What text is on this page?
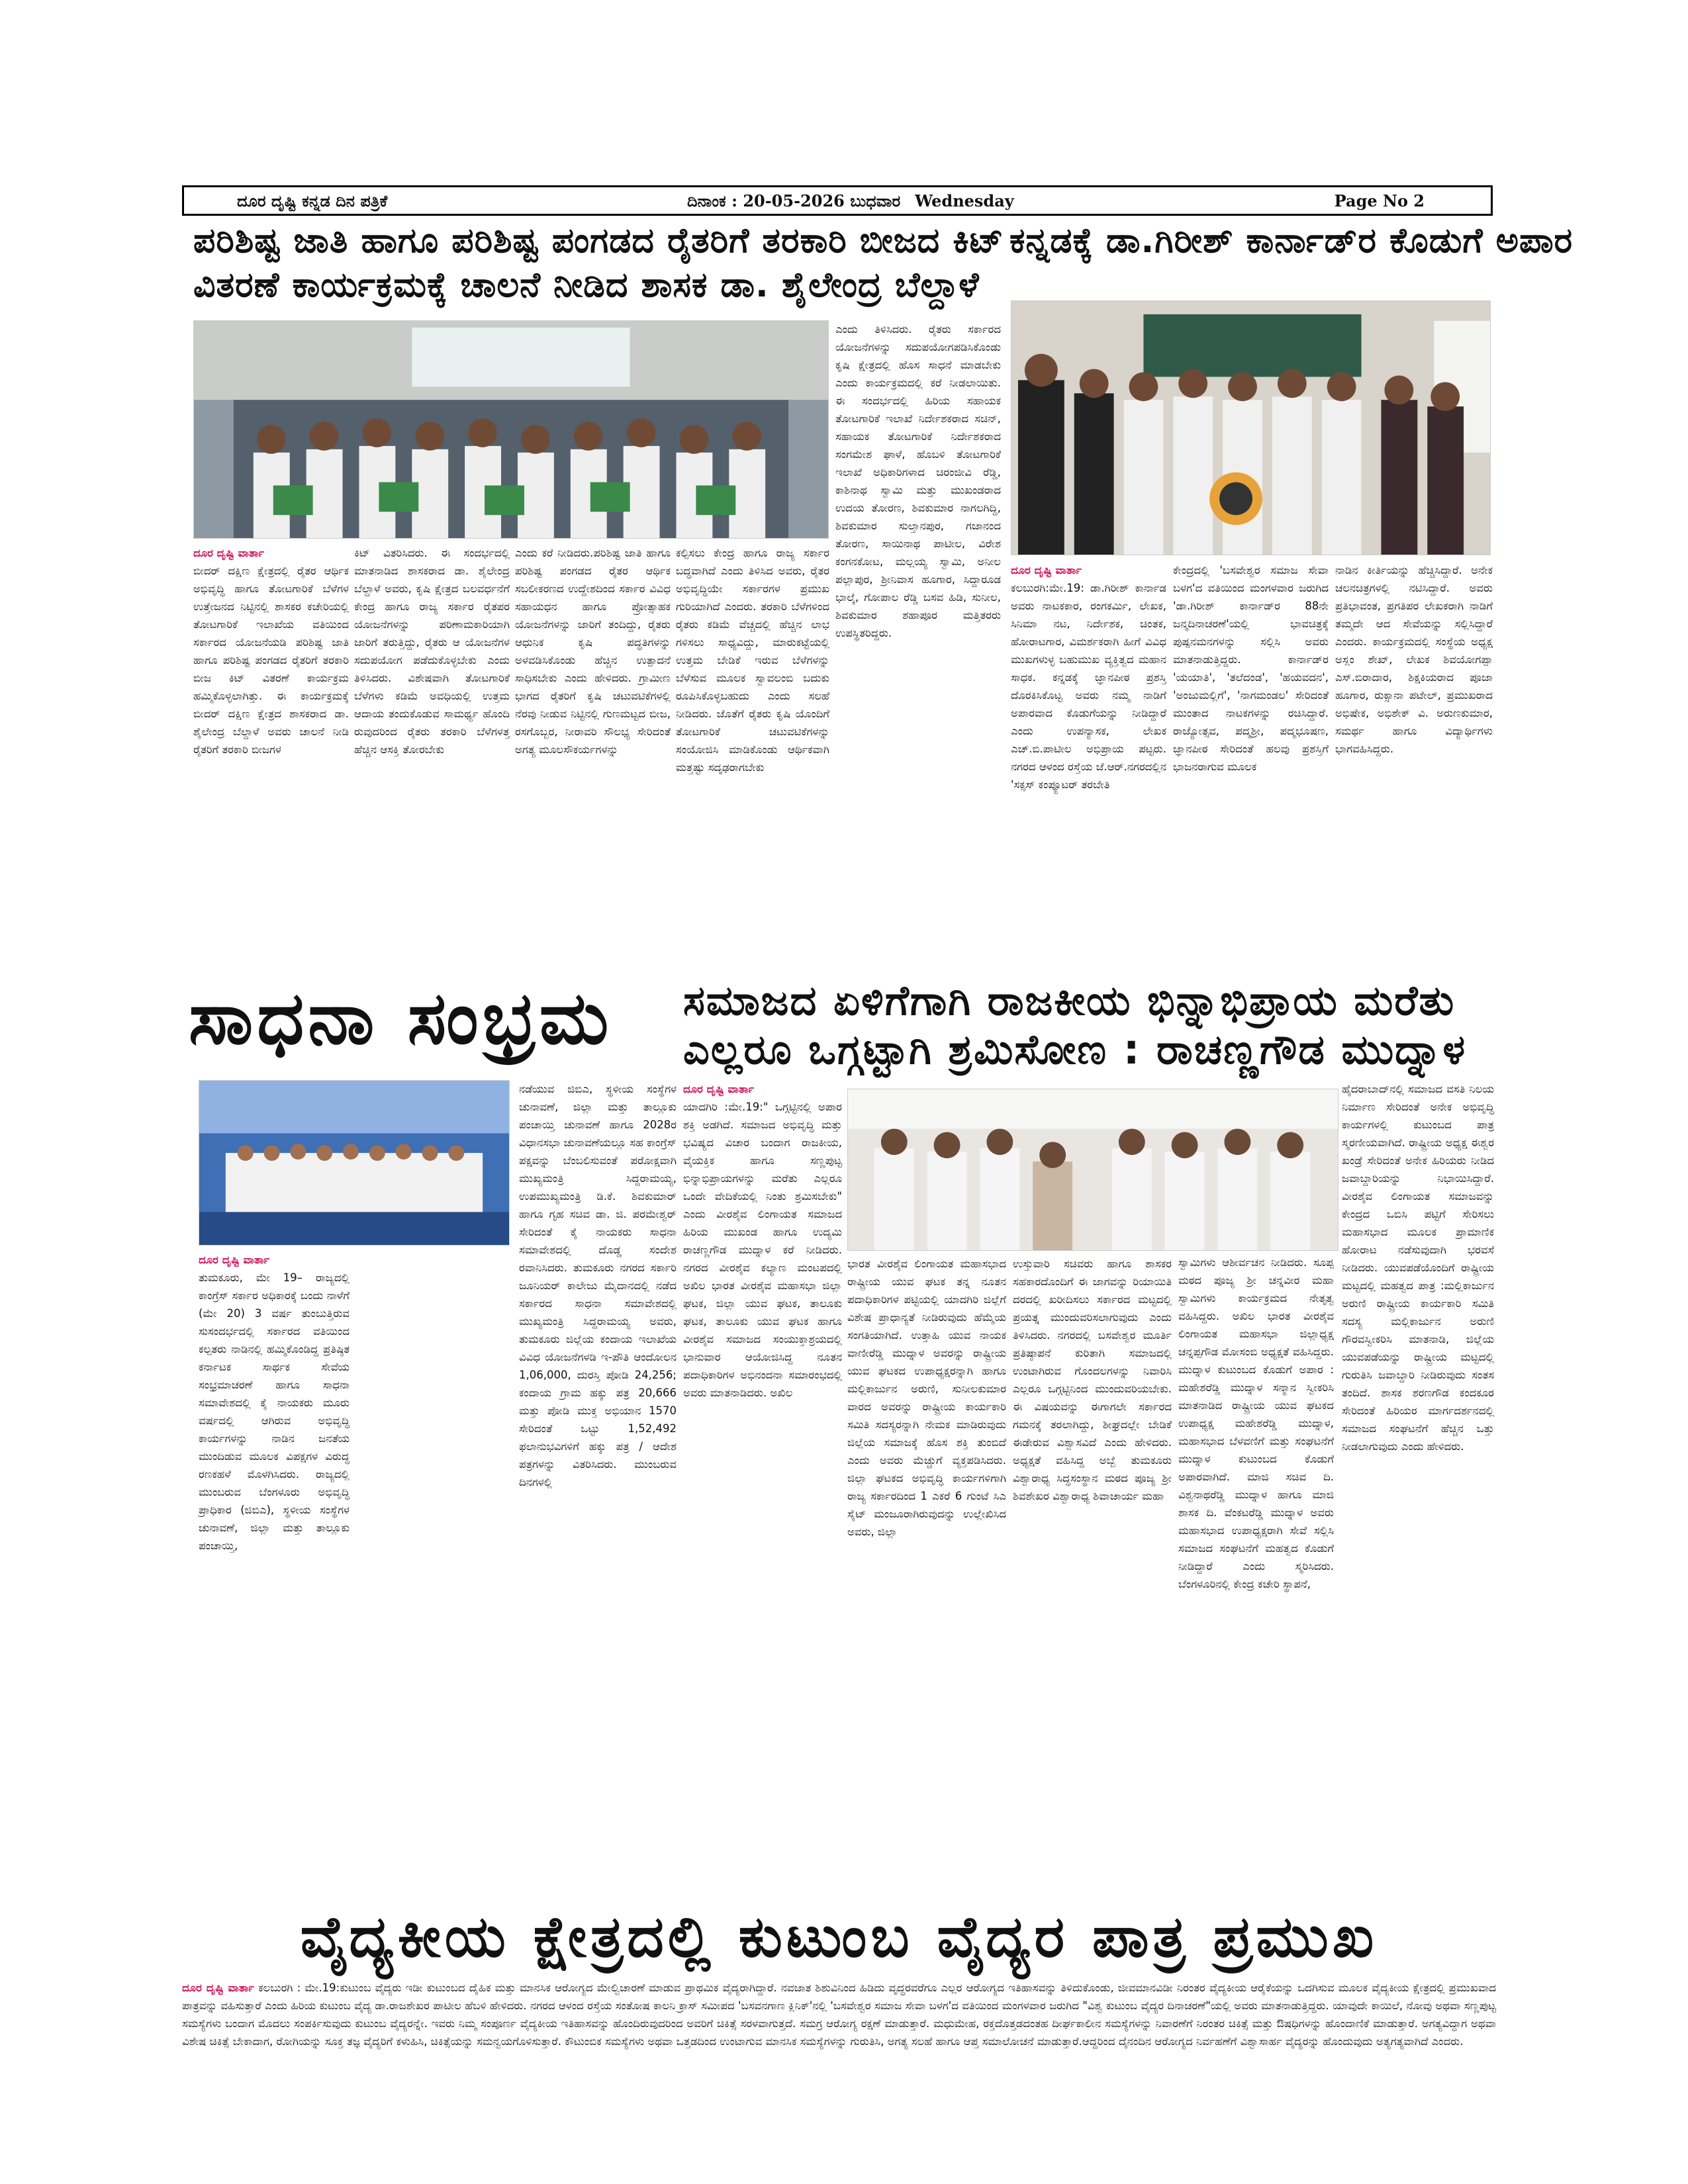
ದೂರ ದೃಷ್ಟಿ ಕನ್ನಡ ದಿನ ಪತ್ರಿಕೆ	ದಿನಾಂಕ : 20-05-2026 ಬುಧವಾರ Wednesday	Page No 2
ಪರಿಶಿಷ್ಟ ಜಾತಿ ಹಾಗೂ ಪರಿಶಿಷ್ಟ ಪಂಗಡದ ರೈತರಿಗೆ ತರಕಾರಿ ಬೀಜದ ಕಿಟ್
ವಿತರಣೆ ಕಾರ್ಯಕ್ರಮಕ್ಕೆ ಚಾಲನೆ ನೀಡಿದ ಶಾಸಕ ಡಾ. ಶೈಲೇಂದ್ರ ಬೆಲ್ದಾಳೆ
ದೂರ ದೃಷ್ಟಿ ವಾರ್ತಾ
ಬೀದರ್ ದಕ್ಷಿಣ ಕ್ಷೇತ್ರದಲ್ಲಿ ರೈತರ ಆರ್ಥಿಕ ಅಭಿವೃದ್ಧಿ ಹಾಗೂ ತೋಟಗಾರಿಕೆ ಬೆಳೆಗಳ ಉತ್ತೇಜನದ ನಿಟ್ಟಿನಲ್ಲಿ ಶಾಸಕರ ಕಚೇರಿಯಲ್ಲಿ ತೋಟಗಾರಿಕೆ ಇಲಾಖೆಯ ವತಿಯಿಂದ ಸರ್ಕಾರದ ಯೋಜನೆಯಡಿ ಪರಿಶಿಷ್ಟ ಜಾತಿ ಹಾಗೂ ಪರಿಶಿಷ್ಟ ಪಂಗಡದ ರೈತರಿಗೆ ತರಕಾರಿ ಬೀಜ ಕಿಟ್ ವಿತರಣೆ ಕಾರ್ಯಕ್ರಮ ಹಮ್ಮಿಕೊಳ್ಳಲಾಗಿತ್ತು. ಈ ಕಾರ್ಯಕ್ರಮಕ್ಕೆ ಬೀದರ್ ದಕ್ಷಿಣ ಕ್ಷೇತ್ರದ ಶಾಸಕರಾದ ಡಾ. ಶೈಲೇಂದ್ರ ಬೆಲ್ದಾಳೆ ಅವರು ಚಾಲನೆ ನೀಡಿ ರೈತರಿಗೆ ತರಕಾರಿ ಬೀಜಗಳ
ಕಿಟ್ ವಿತರಿಸಿದರು. ಈ ಸಂದರ್ಭದಲ್ಲಿ ಮಾತನಾಡಿದ ಶಾಸಕರಾದ ಡಾ. ಶೈಲೇಂದ್ರ ಬೆಲ್ದಾಳೆ ಅವರು, ಕೃಷಿ ಕ್ಷೇತ್ರದ ಬಲವರ್ಧನೆಗೆ ಕೇಂದ್ರ ಹಾಗೂ ರಾಜ್ಯ ಸರ್ಕಾರ ರೈತಪರ ಯೋಜನೆಗಳನ್ನು ಪರಿಣಾಮಕಾರಿಯಾಗಿ ಜಾರಿಗೆ ತರುತ್ತಿದ್ದು, ರೈತರು ಆ ಯೋಜನೆಗಳ ಸದುಪಯೋಗ ಪಡೆದುಕೊಳ್ಳಬೇಕು ಎಂದು ತಿಳಿಸಿದರು. ವಿಶೇಷವಾಗಿ ತೋಟಗಾರಿಕೆ ಬೆಳೆಗಳು ಕಡಿಮೆ ಅವಧಿಯಲ್ಲಿ ಉತ್ತಮ ಆದಾಯ ತಂದುಕೊಡುವ ಸಾಮರ್ಥ್ಯ ಹೊಂದಿ ರುವುದರಿಂದ ರೈತರು ತರಕಾರಿ ಬೆಳೆಗಳತ್ತ ಹೆಚ್ಚಿನ ಆಸಕ್ತಿ ತೋರಬೇಕು
ಎಂದು ಕರೆ ನೀಡಿದರು.ಪರಿಶಿಷ್ಟ ಜಾತಿ ಹಾಗೂ ಪರಿಶಿಷ್ಟ ಪಂಗಡದ ರೈತರ ಆರ್ಥಿಕ ಸಬಲೀಕರಣದ ಉದ್ದೇಶದಿಂದ ಸರ್ಕಾರ ವಿವಿಧ ಸಹಾಯಧನ ಹಾಗೂ ಪ್ರೋತ್ಸಾಹಕ ಯೋಜನೆಗಳನ್ನು ಜಾರಿಗೆ ತಂದಿದ್ದು, ರೈತರು ಆಧುನಿಕ ಕೃಷಿ ಪದ್ಧತಿಗಳನ್ನು ಅಳವಡಿಸಿಕೊಂಡು ಹೆಚ್ಚಿನ ಉತ್ಪಾದನೆ ಸಾಧಿಸಬೇಕು ಎಂದು ಹೇಳಿದರು. ಗ್ರಾಮೀಣ ಭಾಗದ ರೈತರಿಗೆ ಕೃಷಿ ಚಟುವಟಿಕೆಗಳಲ್ಲಿ ನೆರವು ನೀಡುವ ನಿಟ್ಟಿನಲ್ಲಿ ಗುಣಮಟ್ಟದ ಬೀಜ, ರಸಗೊಬ್ಬರ, ನೀರಾವರಿ ಸೌಲಭ್ಯ ಸೇರಿದಂತೆ ಅಗತ್ಯ ಮೂಲಸೌಕರ್ಯಗಳನ್ನು
ಕಲ್ಪಿಸಲು ಕೇಂದ್ರ ಹಾಗೂ ರಾಜ್ಯ ಸರ್ಕಾರ ಬದ್ಧವಾಗಿದೆ ಎಂದು ತಿಳಿಸಿದ ಅವರು, ರೈತರ ಅಭಿವೃದ್ಧಿಯೇ ಸರ್ಕಾರಗಳ ಪ್ರಮುಖ ಗುರಿಯಾಗಿದೆ ಎಂದರು. ತರಕಾರಿ ಬೆಳೆಗಳಿಂದ ರೈತರು ಕಡಿಮೆ ವೆಚ್ಚದಲ್ಲಿ ಹೆಚ್ಚಿನ ಲಾಭ ಗಳಿಸಲು ಸಾಧ್ಯವಿದ್ದು, ಮಾರುಕಟ್ಟೆಯಲ್ಲಿ ಉತ್ತಮ ಬೇಡಿಕೆ ಇರುವ ಬೆಳೆಗಳನ್ನು ಬೆಳೆಸುವ ಮೂಲಕ ಸ್ವಾವಲಂಬಿ ಬದುಕು ರೂಪಿಸಿಕೊಳ್ಳಬಹುದು ಎಂದು ಸಲಹೆ ನೀಡಿದರು. ಜೊತೆಗೆ ರೈತರು ಕೃಷಿ ಯೊಂದಿಗೆ ತೋಟಗಾರಿಕೆ ಚಟುವಟಿಕೆಗಳನ್ನು ಸಂಯೋಜಿಸಿ ಮಾಡಿಕೊಂಡು ಆರ್ಥಿಕವಾಗಿ ಮತ್ತಷ್ಟು ಸದೃಢರಾಗಬೇಕು
ಎಂದು ತಿಳಿಸಿದರು. ರೈತರು ಸರ್ಕಾರದ ಯೋಜನೆಗಳನ್ನು ಸದುಪಯೋಗಪಡಿಸಿಕೊಂಡು ಕೃಷಿ ಕ್ಷೇತ್ರದಲ್ಲಿ ಹೊಸ ಸಾಧನೆ ಮಾಡಬೇಕು ಎಂದು ಕಾರ್ಯಕ್ರಮದಲ್ಲಿ ಕರೆ ನೀಡಲಾಯಿತು. ಈ ಸಂದರ್ಭದಲ್ಲಿ ಹಿರಿಯ ಸಹಾಯಕ ತೋಟಗಾರಿಕೆ ಇಲಾಖೆ ನಿರ್ದೇಶಕರಾದ ಸಚಿನ್, ಸಹಾಯಕ ತೋಟಗಾರಿಕೆ ನಿರ್ದೇಶಕರಾದ ಸಂಗಮೇಶ ಘಾಳೆ, ಹೊಬಳಿ ತೋಟಗಾರಿಕೆ ಇಲಾಖೆ ಅಧಿಕಾರಿಗಳಾದ ಚಿರಂಜೀವಿ ರೆಡ್ಡಿ, ಕಾಶಿನಾಥ ಸ್ವಾಮಿ ಮತ್ತು ಮುಖಂಡರಾದ ಉದಯ ತೋರಣ, ಶಿವಕುಮಾರ ನಾಗಲಗಿದ್ದಿ, ಶಿವಕುಮಾರ ಸುಲ್ತಾನಪುರ, ಗಜಾನಂದ ತೋರಣ, ಸಾಯಿನಾಥ ಪಾಟೀಲ, ವಿರೇಶ ಕಂಗನಕೋಟ, ಮಲ್ಲಯ್ಯ ಸ್ವಾಮಿ, ಅನೀಲ ಪಲ್ಲಾಪುರ, ಶ್ರೀನಿವಾಸ ಹೂಗಾರ, ಸಿದ್ದಾರೂಡ ಭಾಲ್ಕೆ, ಗೋಪಾಲ ರೆಡ್ಡಿ ಬಸವ ಹಿಡಿ, ಸುನೀಲ, ಶಿವಕುಮಾರ ಶಹಾಪೂರ ಮತ್ತಿತರರು ಉಪಸ್ಥಿತರಿದ್ದರು.
ಕನ್ನಡಕ್ಕೆ ಡಾ.ಗಿರೀಶ್ ಕಾರ್ನಾಡ್‌ರ ಕೊಡುಗೆ ಅಪಾರ
ದೂರ ದೃಷ್ಟಿ ವಾರ್ತಾ
ಕಲಬುರಗಿ:ಮೇ.19: ಡಾ.ಗಿರೀಶ್ ಕಾರ್ನಾಡ ಅವರು ನಾಟಕಕಾರ, ರಂಗಕರ್ಮಿ, ಲೇಖಕ, ಸಿನಿಮಾ ನಟ, ನಿರ್ದೇಶಕ, ಚಿಂತಕ, ಹೋರಾಟಗಾರ, ವಿಮರ್ಶಕರಾಗಿ ಹೀಗೆ ವಿವಿಧ ಮುಖಗಳುಳ್ಳ ಬಹುಮುಖ ವ್ಯಕ್ತಿತ್ವದ ಮಹಾನ ಸಾಧಕ. ಕನ್ನಡಕ್ಕೆ ಜ್ಞಾನಪೀಠ ಪ್ರಶಸ್ತಿ ದೊರಕಿಸಿಕೊಟ್ಟ ಅವರು ನಮ್ಮ ನಾಡಿಗೆ ಅಪಾರವಾದ ಕೊಡುಗೆಯನ್ನು ನೀಡಿದ್ದಾರೆ ಎಂದು ಉಪನ್ಯಾಸಕ, ಲೇಖಕ ಎಚ್.ಬಿ.ಪಾಟೀಲ ಅಭಿಪ್ರಾಯ ಪಟ್ಟರು. ನಗರದ ಆಳಂದ ರಸ್ತೆಯ ಜೆ.ಆರ್.ನಗರದಲ್ಲಿನ 'ಸಕ್ಸಸ್ ಕಂಪ್ಯೂಟರ್ ತರಬೇತಿ
ಕೇಂದ್ರದಲ್ಲಿ 'ಬಸವೇಶ್ವರ ಸಮಾಜ ಸೇವಾ ಬಳಗ'ದ ವತಿಯಿಂದ ಮಂಗಳವಾರ ಜರುಗಿದ 'ಡಾ.ಗಿರೀಶ್ ಕಾರ್ನಾಡ್‌ರ 88ನೇ ಜನ್ಮದಿನಾಚರಣೆ'ಯಲ್ಲಿ ಭಾವಚಿತ್ರಕ್ಕೆ ಪುಷ್ಪನಮನಗಳನ್ನು ಸಲ್ಲಿಸಿ ಅವರು ಮಾತನಾಡುತ್ತಿದ್ದರು. ಕಾರ್ನಾಡ್‌ರ 'ಯಯಾತಿ', 'ತಲೆದಂಡ', 'ಹಯವದನ', 'ಅಂಜುಮಲ್ಲಿಗೆ', 'ನಾಗಮಂಡಲ' ಸೇರಿದಂತೆ ಮುಂತಾದ ನಾಟಕಗಳನ್ನು ರಚಿಸಿದ್ದಾರೆ. ರಾಜ್ಯೋತ್ಸವ, ಪದ್ಮಶ್ರೀ, ಪದ್ಮಭೂಷಣ, ಜ್ಞಾನಪೀಠ ಸೇರಿದಂತೆ ಹಲವು ಪ್ರಶಸ್ತಿಗೆ ಭಾಜನರಾಗುವ ಮೂಲಕ
ನಾಡಿನ ಕೀರ್ತಿಯನ್ನು ಹೆಚ್ಚಿಸಿದ್ದಾರೆ. ಅನೇಕ ಚಲನಚಿತ್ರಗಳಲ್ಲಿ ನಟಿಸಿದ್ದಾರೆ. ಅವರು ಪ್ರತಿಭಾವಂತ, ಪ್ರಗತಿಪರ ಲೇಖಕರಾಗಿ ನಾಡಿಗೆ ತಮ್ಮದೇ ಆದ ಸೇವೆಯನ್ನು ಸಲ್ಲಿಸಿದ್ದಾರೆ ಎಂದರು. ಕಾರ್ಯಕ್ರಮದಲ್ಲಿ ಸಂಸ್ಥೆಯ ಅಧ್ಯಕ್ಷ ಅಸ್ಲಂ ಶೇಖ್, ಲೇಖಕ ಶಿವಯೋಗಪ್ಪಾ ಎಸ್.ಬಿರಾದಾರ, ಶಿಕ್ಷಕಿಯರಾದ ಪೂಜಾ ಹೂಗಾರ, ರುಕ್ಸಾನಾ ಪಟೇಲ್, ಪ್ರಮುಖರಾದ ಅಭಿಷೇಕ, ಅಭಿಶೇಕ್ ವಿ. ಅರುಣಕುಮಾರ, ಸಮರ್ಥ ಹಾಗೂ ವಿದ್ಯಾರ್ಥಿಗಳು ಭಾಗವಹಿಸಿದ್ದರು.
ಸಾಧನಾ ಸಂಭ್ರಮ
ದೂರ ದೃಷ್ಟಿ ವಾರ್ತಾ
ತುಮಕೂರು, ಮೇ 19– ರಾಜ್ಯದಲ್ಲಿ ಕಾಂಗ್ರೆಸ್ ಸರ್ಕಾರ ಅಧಿಕಾರಕ್ಕೆ ಬಂದು ನಾಳೆಗೆ (ಮೇ 20) 3 ವರ್ಷ ತುಂಬುತ್ತಿರುವ ಸುಸಂದರ್ಭದಲ್ಲಿ ಸರ್ಕಾರದ ವತಿಯಿಂದ ಕಲ್ಪತರು ನಾಡಿನಲ್ಲಿ ಹಮ್ಮಿಕೊಂಡಿದ್ದ ಪ್ರತಿಷ್ಠಿತ ಕರ್ನಾಟಕ ಸಾರ್ಥಕ ಸೇವೆಯ ಸಂಭ್ರಮಾಚರಣೆ ಹಾಗೂ ಸಾಧನಾ ಸಮಾವೇಶದಲ್ಲಿ ಕೈ ನಾಯಕರು ಮೂರು ವರ್ಷದಲ್ಲಿ ಆಗಿರುವ ಅಭಿವೃದ್ಧಿ ಕಾರ್ಯಗಳನ್ನು ನಾಡಿನ ಜನತೆಯ ಮುಂದಿಡುವ ಮೂಲಕ ವಿಪಕ್ಷಗಳ ವಿರುದ್ಧ ರಣಕಹಳೆ ಮೊಳಗಿಸಿದರು. ರಾಜ್ಯದಲ್ಲಿ ಮುಂಬರುವ ಬೆಂಗಳೂರು ಅಭಿವೃದ್ಧಿ ಪ್ರಾಧಿಕಾರ (ಜಿಬಿಎ), ಸ್ಥಳೀಯ ಸಂಸ್ಥೆಗಳ ಚುನಾವಣೆ, ಜಿಲ್ಲಾ ಮತ್ತು ತಾಲ್ಲೂಕು ಪಂಚಾಯ್ತಿ,
ನಡೆಯುವ ಜಿಬಿಎ, ಸ್ಥಳೀಯ ಸಂಸ್ಥೆಗಳ ಚುನಾವಣೆ, ಜಿಲ್ಲಾ ಮತ್ತು ತಾಲ್ಲೂಕು ಪಂಚಾಯ್ತಿ ಚುನಾವಣೆ ಹಾಗೂ 2028ರ ವಿಧಾನಸಭಾ ಚುನಾವಣೆಯಲ್ಲೂ ಸಹ ಕಾಂಗ್ರೆಸ್ ಪಕ್ಷವನ್ನು ಬೆಂಬಲಿಸುವಂತೆ ಪರೋಕ್ಷವಾಗಿ ಮುಖ್ಯಮಂತ್ರಿ ಸಿದ್ದರಾಮಯ್ಯ, ಉಪಮುಖ್ಯಮಂತ್ರಿ ಡಿ.ಕೆ. ಶಿವಕುಮಾರ್ ಹಾಗೂ ಗೃಹ ಸಚಿವ ಡಾ. ಜಿ. ಪರಮೇಶ್ವರ್ ಸೇರಿದಂತೆ ಕೈ ನಾಯಕರು ಸಾಧನಾ ಸಮಾವೇಶದಲ್ಲಿ ದೊಡ್ಡ ಸಂದೇಶ ರವಾನಿಸಿದರು. ತುಮಕೂರು ನಗರದ ಸರ್ಕಾರಿ ಜೂನಿಯರ್ ಕಾಲೇಜು ಮೈದಾನದಲ್ಲಿ ನಡೆದ ಸರ್ಕಾರದ ಸಾಧನಾ ಸಮಾವೇಶದಲ್ಲಿ ಮುಖ್ಯಮಂತ್ರಿ ಸಿದ್ದರಾಮಯ್ಯ ಅವರು, ತುಮಕೂರು ಜಿಲ್ಲೆಯ ಕಂದಾಯ ಇಲಾಖೆಯ ವಿವಿಧ ಯೋಜನೆಗಳಡಿ ಇ-ಪೌತಿ ಆಂದೋಲನ 1,06,000, ದುರಸ್ತಿ ಪೋಡಿ 24,256; ಕಂದಾಯ ಗ್ರಾಮ ಹಕ್ಕು ಪತ್ರ 20,666 ಮತ್ತು ಪೋಡಿ ಮುಕ್ತ ಅಭಿಯಾನ 1570 ಸೇರಿದಂತೆ ಒಟ್ಟು 1,52,492 ಫಲಾನುಭವಿಗಳಿಗೆ ಹಕ್ಕು ಪತ್ರ / ಆದೇಶ ಪತ್ರಗಳನ್ನು ವಿತರಿಸಿದರು. ಮುಂಬರುವ ದಿನಗಳಲ್ಲಿ
ಸಮಾಜದ ಏಳಿಗೆಗಾಗಿ ರಾಜಕೀಯ ಭಿನ್ನಾಭಿಪ್ರಾಯ ಮರೆತು
ಎಲ್ಲರೂ ಒಗ್ಗಟ್ಟಾಗಿ ಶ್ರಮಿಸೋಣ : ರಾಚಣ್ಣಗೌಡ ಮುದ್ನಾಳ
ದೂರ ದೃಷ್ಟಿ ವಾರ್ತಾ
ಯಾದಗಿರಿ :ಮೇ.19:" ಒಗ್ಗಟ್ಟಿನಲ್ಲಿ ಅಪಾರ ಶಕ್ತಿ ಅಡಗಿದೆ. ಸಮಾಜದ ಅಭಿವೃದ್ಧಿ ಮತ್ತು ಭವಿಷ್ಯದ ವಿಚಾರ ಬಂದಾಗ ರಾಜಕೀಯ, ವೈಯಕ್ತಿಕ ಹಾಗೂ ಸಣ್ಣಪುಟ್ಟ ಭಿನ್ನಾಭಿಪ್ರಾಯಗಳನ್ನು ಮರೆತು ಎಲ್ಲರೂ ಒಂದೇ ವೇದಿಕೆಯಲ್ಲಿ ನಿಂತು ಶ್ರಮಿಸಬೇಕು" ಎಂದು ವೀರಶೈವ ಲಿಂಗಾಯತ ಸಮಾಜದ ಹಿರಿಯ ಮುಖಂಡ ಹಾಗೂ ಉದ್ಯಮಿ ರಾಚಣ್ಣಗೌಡ ಮುದ್ನಾಳ ಕರೆ ನೀಡಿದರು. ನಗರದ ವೀರಶೈವ ಕಲ್ಯಾಣ ಮಂಟಪದಲ್ಲಿ ಅಖಿಲ ಭಾರತ ವೀರಶೈವ ಮಹಾಸಭಾ ಜಿಲ್ಲಾ ಘಟಕ, ಜಿಲ್ಲಾ ಯುವ ಘಟಕ, ತಾಲೂಕು ಘಟಕ, ತಾಲೂಕು ಯುವ ಘಟಕ ಹಾಗೂ ವೀರಶೈವ ಸಮಾಜದ ಸಂಯುಕ್ತಾಶ್ರಯದಲ್ಲಿ ಭಾನುವಾರ ಆಯೋಜಿಸಿದ್ದ ನೂತನ ಪದಾಧಿಕಾರಿಗಳ ಅಭಿನಂದನಾ ಸಮಾರಂಭದಲ್ಲಿ ಅವರು ಮಾತನಾಡಿದರು. ಅಖಿಲ
ಭಾರತ ವೀರಶೈವ ಲಿಂಗಾಯತ ಮಹಾಸಭಾದ ರಾಷ್ಟ್ರೀಯ ಯುವ ಘಟಕ ತನ್ನ ನೂತನ ಪದಾಧಿಕಾರಿಗಳ ಪಟ್ಟಿಯಲ್ಲಿ ಯಾದಗಿರಿ ಜಿಲ್ಲೆಗೆ ವಿಶೇಷ ಪ್ರಾಧಾನ್ಯತೆ ನೀಡಿರುವುದು ಹೆಮ್ಮೆಯ ಸಂಗತಿಯಾಗಿದೆ. ಉತ್ತಾಹಿ ಯುವ ನಾಯಕ ವಾಣೀರೆಡ್ಡಿ ಮುದ್ನಾಳ ಅವರನ್ನು ರಾಷ್ಟ್ರೀಯ ಯುವ ಘಟಕದ ಉಪಾಧ್ಯಕ್ಷರನ್ನಾಗಿ ಹಾಗೂ ಮಲ್ಲಿಕಾರ್ಜುನ ಅರುಣಿ, ಸುನೀಲಕುಮಾರ ವಾರದ ಅವರನ್ನು ರಾಷ್ಟ್ರೀಯ ಕಾರ್ಯಕಾರಿ ಸಮಿತಿ ಸದಸ್ಯರನ್ನಾಗಿ ನೇಮಕ ಮಾಡಿರುವುದು ಜಿಲ್ಲೆಯ ಸಮಾಜಕ್ಕೆ ಹೊಸ ಶಕ್ತಿ ತುಂಬಿದೆ ಎಂದು ಅವರು ಮೆಚ್ಚುಗೆ ವ್ಯಕ್ತಪಡಿಸಿದರು. ಜಿಲ್ಲಾ ಘಟಕದ ಅಭಿವೃದ್ಧಿ ಕಾರ್ಯಗಳಿಗಾಗಿ ರಾಜ್ಯ ಸರ್ಕಾರದಿಂದ 1 ಎಕರೆ 6 ಗುಂಟೆ ಸಿಎ ಸೈಟ್ ಮಂಜೂರಾಗಿರುವುದನ್ನು ಉಲ್ಲೇಖಿಸಿದ ಅವರು, ಜಿಲ್ಲಾ
ಉಸ್ತುವಾರಿ ಸಚಿವರು ಹಾಗೂ ಶಾಸಕರ ಸಹಕಾರದೊಂದಿಗೆ ಈ ಜಾಗವನ್ನು ರಿಯಾಯಿತಿ ದರದಲ್ಲಿ ಖರೀದಿಸಲು ಸರ್ಕಾರದ ಮಟ್ಟದಲ್ಲಿ ಪ್ರಯತ್ನ ಮುಂದುವರಿಸಲಾಗುವುದು ಎಂದು ತಿಳಿಸಿದರು. ನಗರದಲ್ಲಿ ಬಸವೇಶ್ವರ ಮೂರ್ತಿ ಪ್ರತಿಷ್ಠಾಪನೆ ಕುರಿತಾಗಿ ಸಮಾಜದಲ್ಲಿ ಉಂಟಾಗಿರುವ ಗೊಂದಲಗಳನ್ನು ನಿವಾರಿಸಿ ಎಲ್ಲರೂ ಒಗ್ಗಟ್ಟಿನಿಂದ ಮುಂದುವರಿಯಬೇಕು. ಈ ವಿಷಯವನ್ನು ಈಗಾಗಲೇ ಸರ್ಕಾರದ ಗಮನಕ್ಕೆ ತರಲಾಗಿದ್ದು, ಶೀಘ್ರದಲ್ಲೇ ಬೇಡಿಕೆ ಈಡೇರುವ ವಿಶ್ವಾಸವಿದೆ ಎಂದು ಹೇಳಿದರು. ಅಧ್ಯಕ್ಷತೆ ವಹಿಸಿದ್ದ ಅಬ್ಬೆ ತುಮಕೂರು ವಿಶ್ವಾರಾಧ್ಯ ಸಿದ್ಧಸಂಸ್ಥಾನ ಮಠದ ಪೂಜ್ಯ ಶ್ರೀ ಶಿವಶೇಖರ ವಿಶ್ವಾರಾಧ್ಯ ಶಿವಾಚಾರ್ಯ ಮಹಾ
ಸ್ವಾಮಿಗಳು ಆಶೀರ್ವಚನ ನೀಡಿದರು. ಸೂಪ್ಪ ಮಠದ ಪೂಜ್ಯ ಶ್ರೀ ಚನ್ನವೀರ ಮಹಾ ಸ್ವಾಮಿಗಳು ಕಾರ್ಯಕ್ರಮದ ನೇತೃತ್ವ ವಹಿಸಿದ್ದರು. ಅಖಿಲ ಭಾರತ ವೀರಶೈವ ಲಿಂಗಾಯತ ಮಹಾಸಭಾ ಜಿಲ್ಲಾಧ್ಯಕ್ಷ ಚನ್ನಪ್ಪಗೌಡ ಮೋಸಂಬಿ ಅಧ್ಯಕ್ಷತೆ ವಹಿಸಿದ್ದರು. ಮುದ್ನಾಳ ಕುಟುಂಬದ ಕೊಡುಗೆ ಅಪಾರ : ಮಹೇಶರೆಡ್ಡಿ ಮುದ್ನಾಳ ಸನ್ಮಾನ ಸ್ವೀಕರಿಸಿ ಮಾತನಾಡಿದ ರಾಷ್ಟ್ರೀಯ ಯುವ ಘಟಕದ ಉಪಾಧ್ಯಕ್ಷ ಮಹೇಶರೆಡ್ಡಿ ಮುದ್ನಾಳ, ಮಹಾಸಭಾದ ಬೆಳವಣಿಗೆ ಮತ್ತು ಸಂಘಟನೆಗೆ ಮುದ್ನಾಳ ಕುಟುಂಬದ ಕೊಡುಗೆ ಅಪಾರವಾಗಿದೆ. ಮಾಜಿ ಸಚಿವ ದಿ. ವಿಶ್ವನಾಥರೆಡ್ಡಿ ಮುದ್ನಾಳ ಹಾಗೂ ಮಾಜಿ ಶಾಸಕ ದಿ. ವೆಂಕಟರೆಡ್ಡಿ ಮುದ್ನಾಳ ಅವರು ಮಹಾಸಭಾದ ಉಪಾಧ್ಯಕ್ಷರಾಗಿ ಸೇವೆ ಸಲ್ಲಿಸಿ ಸಮಾಜದ ಸಂಘಟನೆಗೆ ಮಹತ್ವದ ಕೊಡುಗೆ ನೀಡಿದ್ದಾರೆ ಎಂದು ಸ್ಮರಿಸಿದರು. ಬೆಂಗಳೂರಿನಲ್ಲಿ ಕೇಂದ್ರ ಕಚೇರಿ ಸ್ಥಾಪನೆ,
ಹೈದರಾಬಾದ್‌ನಲ್ಲಿ ಸಮಾಜದ ವಸತಿ ನಿಲಯ ನಿರ್ಮಾಣ ಸೇರಿದಂತೆ ಅನೇಕ ಅಭಿವೃದ್ಧಿ ಕಾರ್ಯಗಳಲ್ಲಿ ಕುಟುಂಬದ ಪಾತ್ರ ಸ್ಮರಣೀಯವಾಗಿದೆ. ರಾಷ್ಟ್ರೀಯ ಅಧ್ಯಕ್ಷ ಈಶ್ವರ ಖಂಡ್ರೆ ಸೇರಿದಂತೆ ಅನೇಕ ಹಿರಿಯರು ನೀಡಿದ ಜವಾಬ್ದಾರಿಯನ್ನು ನಿಭಾಯಿಸಿದ್ದಾರೆ. ವೀರಶೈವ ಲಿಂಗಾಯತ ಸಮಾಜವನ್ನು ಕೇಂದ್ರದ ಒಬಿಸಿ ಪಟ್ಟಿಗೆ ಸೇರಿಸಲು ಮಹಾಸಭಾದ ಮೂಲಕ ಪ್ರಾಮಾಣಿಕ ಹೋರಾಟ ನಡೆಸುವುದಾಗಿ ಭರವಸೆ ನೀಡಿದರು. ಯುವಪಡೆಯೊಂದಿಗೆ ರಾಷ್ಟ್ರೀಯ ಮಟ್ಟದಲ್ಲಿ ಮಹತ್ವದ ಪಾತ್ರ :ಮಲ್ಲಿಕಾರ್ಜುನ ಅರುಣಿ ರಾಷ್ಟ್ರೀಯ ಕಾರ್ಯಕಾರಿ ಸಮಿತಿ ಸದಸ್ಯ ಮಲ್ಲಿಕಾರ್ಜುನ ಅರುಣಿ ಗೌರವಸ್ವೀಕರಿಸಿ ಮಾತನಾಡಿ, ಜಿಲ್ಲೆಯ ಯುವಪಡೆಯನ್ನು ರಾಷ್ಟ್ರೀಯ ಮಟ್ಟದಲ್ಲಿ ಗುರುತಿಸಿ ಜವಾಬ್ದಾರಿ ನೀಡಿರುವುದು ಸಂತಸ ತಂದಿದೆ. ಶಾಸಕ ಶರಣಗೌಡ ಕಂದಕೂರ ಸೇರಿದಂತೆ ಹಿರಿಯರ ಮಾರ್ಗದರ್ಶನದಲ್ಲಿ ಸಮಾಜದ ಸಂಘಟನೆಗೆ ಹೆಚ್ಚಿನ ಒತ್ತು ನೀಡಲಾಗುವುದು ಎಂದು ಹೇಳಿದರು.
ವೈದ್ಯಕೀಯ ಕ್ಷೇತ್ರದಲ್ಲಿ ಕುಟುಂಬ ವೈದ್ಯರ ಪಾತ್ರ ಪ್ರಮುಖ
ದೂರ ದೃಷ್ಟಿ ವಾರ್ತಾ ಕಲಬುರಗಿ : ಮೇ.19:ಕುಟುಂಬ ವೈದ್ಯರು ಇಡೀ ಕುಟುಂಬದ ದೈಹಿಕ ಮತ್ತು ಮಾನಸಿಕ ಆರೋಗ್ಯದ ಮೇಲ್ವಿಚಾರಣೆ ಮಾಡುವ ಪ್ರಾಥಮಿಕ ವೈದ್ಯರಾಗಿದ್ದಾರೆ. ನವಜಾತ ಶಿಶುವಿನಿಂದ ಹಿಡಿದು ವೃದ್ಧರವರೆಗೂ ಎಲ್ಲರ ಆರೋಗ್ಯದ ಇತಿಹಾಸವನ್ನು ತಿಳಿದುಕೊಂಡು, ಜೀವಮಾನವಿಡೀ ನಿರಂತರ ವೈದ್ಯಕೀಯ ಆರೈಕೆಯನ್ನು ಒದಗಿಸುವ ಮೂಲಕ ವೈದ್ಯಕೀಯ ಕ್ಷೇತ್ರದಲ್ಲಿ ಪ್ರಮುಖವಾದ ಪಾತ್ರವನ್ನು ವಹಿಸುತ್ತಾರೆ ಎಂದು ಹಿರಿಯ ಕುಟುಂಬ ವೈದ್ಯ ಡಾ.ರಾಜಶೇಖರ ಪಾಟೀಲ ಹೆಬಳಿ ಹೇಳಿದರು. ನಗರದ ಆಳಂದ ರಸ್ತೆಯ ಸಂತೋಷ ಕಾಲನಿ ಕ್ರಾಸ್ ಸಮೀಪದ 'ಬಸವನಗಾಣ ಕ್ಲಿನಿಕ್'ನಲ್ಲಿ 'ಬಸವೇಶ್ವರ ಸಮಾಜ ಸೇವಾ ಬಳಗ'ದ ವತಿಯಿಂದ ಮಂಗಳವಾರ ಜರುಗಿದ "ವಿಶ್ವ ಕುಟುಂಬ ವೈದ್ಯರ ದಿನಾಚರಣೆ"ಯಲ್ಲಿ ಅವರು ಮಾತನಾಡುತ್ತಿದ್ದರು. ಯಾವುದೇ ಕಾಯಿಲೆ, ನೋವು ಅಥವಾ ಸಣ್ಣಪುಟ್ಟ ಸಮಸ್ಯೆಗಳು ಬಂದಾಗ ಮೊದಲು ಸಂಪರ್ಕಿಸುವುದು ಕುಟುಂಬ ವೈದ್ಯರನ್ನೇ. ಇವರು ನಿಮ್ಮ ಸಂಪೂರ್ಣ ವೈದ್ಯಕೀಯ ಇತಿಹಾಸವನ್ನು ಹೊಂದಿರುವುದರಿಂದ ಅವರಿಗೆ ಚಿಕಿತ್ಸೆ ಸರಳವಾಗುತ್ತದೆ. ಸಮಗ್ರ ಆರೋಗ್ಯ ರಕ್ಷಣೆ ಮಾಡುತ್ತಾರೆ. ಮಧುಮೇಹ, ರಕ್ತದೊತ್ತಡದಂತಹ ದೀರ್ಘಕಾಲೀನ ಸಮಸ್ಯೆಗಳನ್ನು ನಿವಾರಣೆಗೆ ನಿರಂತರ ಚಿಕಿತ್ಸೆ ಮತ್ತು ಔಷಧಿಗಳನ್ನು ಹೊಂದಾಣಿಕೆ ಮಾಡುತ್ತಾರೆ. ಅಗತ್ಯವಿದ್ದಾಗ ಅಥವಾ ವಿಶೇಷ ಚಿಕಿತ್ಸೆ ಬೇಕಾದಾಗ, ರೋಗಿಯನ್ನು ಸೂಕ್ತ ತಜ್ಞ ವೈದ್ಯರಿಗೆ ಕಳುಹಿಸಿ, ಚಿಕಿತ್ಸೆಯನ್ನು ಸಮನ್ವಯಗೊಳಿಸುತ್ತಾರೆ. ಕೌಟುಂಬಿಕ ಸಮಸ್ಯೆಗಳು ಅಥವಾ ಒತ್ತಡದಿಂದ ಉಂಟಾಗುವ ಮಾನಸಿಕ ಸಮಸ್ಯೆಗಳನ್ನು ಗುರುತಿಸಿ, ಅಗತ್ಯ ಸಲಹೆ ಹಾಗೂ ಆಪ್ತ ಸಮಾಲೋಚನೆ ಮಾಡುತ್ತಾರೆ.ಆದ್ದರಿಂದ ದೈನಂದಿನ ಆರೋಗ್ಯದ ನಿರ್ವಹಣೆಗೆ ವಿಶ್ವಾಸಾರ್ಹ ವೈದ್ಯರನ್ನು ಹೊಂದುವುದು ಅತ್ಯಗತ್ಯವಾಗಿದೆ ಎಂದರು.
